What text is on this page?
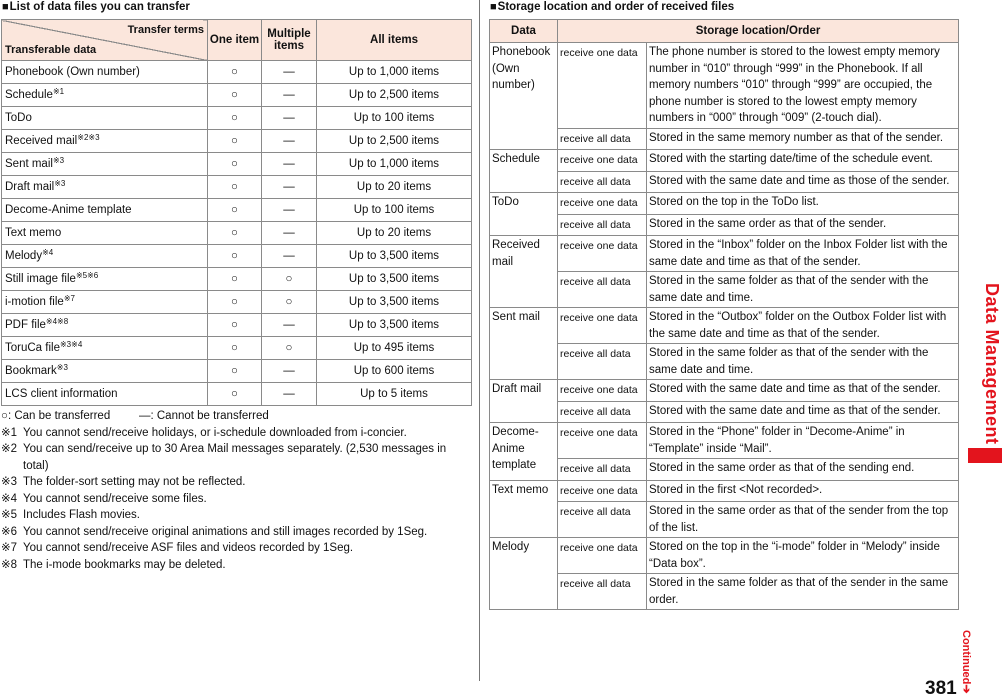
■List of data files you can transfer
Transfer terms
Transferable data	One item	Multiple items	All items
Phonebook (Own number)	○	―	Up to 1,000 items
Schedule$^{※1}$	○	―	Up to 2,500 items
ToDo	○	―	Up to 100 items
Received mail$^{※2※3}$	○	―	Up to 2,500 items
Sent mail$^{※3}$	○	―	Up to 1,000 items
Draft mail$^{※3}$	○	―	Up to 20 items
Decome-Anime template	○	―	Up to 100 items
Text memo	○	―	Up to 20 items
Melody$^{※4}$	○	―	Up to 3,500 items
Still image file$^{※5※6}$	○	○	Up to 3,500 items
i-motion file$^{※7}$	○	○	Up to 3,500 items
PDF file$^{※4※8}$	○	―	Up to 3,500 items
ToruCa file$^{※3※4}$	○	○	Up to 495 items
Bookmark$^{※3}$	○	―	Up to 600 items
LCS client information	○	―	Up to 5 items
○: Can be transferred         ―: Cannot be transferred
※1 You cannot send/receive holidays, or i-schedule downloaded from i-concier.
※2 You can send/receive up to 30 Area Mail messages separately. (2,530 messages in total)
※3 The folder-sort setting may not be reflected.
※4 You cannot send/receive some files.
※5 Includes Flash movies.
※6 You cannot send/receive original animations and still images recorded by 1Seg.
※7 You cannot send/receive ASF files and videos recorded by 1Seg.
※8 The i-mode bookmarks may be deleted.
■Storage location and order of received files
Data	Storage location/Order	
Phonebook (Own number)	receive one data	The phone number is stored to the lowest empty memory number in “010” through “999” in the Phonebook. If all memory numbers “010” through “999” are occupied, the phone number is stored to the lowest empty memory numbers in “000” through “009” (2-touch dial).
	receive all data	Stored in the same memory number as that of the sender.
Schedule	receive one data	Stored with the starting date/time of the schedule event.
	receive all data	Stored with the same date and time as those of the sender.
ToDo	receive one data	Stored on the top in the ToDo list.
	receive all data	Stored in the same order as that of the sender.
Received mail	receive one data	Stored in the “Inbox” folder on the Inbox Folder list with the same date and time as that of the sender.
	receive all data	Stored in the same folder as that of the sender with the same date and time.
Sent mail	receive one data	Stored in the “Outbox” folder on the Outbox Folder list with the same date and time as that of the sender.
	receive all data	Stored in the same folder as that of the sender with the same date and time.
Draft mail	receive one data	Stored with the same date and time as that of the sender.
	receive all data	Stored with the same date and time as that of the sender.
Decome-Anime template	receive one data	Stored in the “Phone” folder in “Decome-Anime” in “Template” inside “Mail”.
	receive all data	Stored in the same order as that of the sending end.
Text memo	receive one data	Stored in the first <Not recorded>.
	receive all data	Stored in the same order as that of the sender from the top of the list.
Melody	receive one data	Stored on the top in the “i-mode” folder in “Melody” inside “Data box”.
	receive all data	Stored in the same folder as that of the sender in the same order.
Data Management
Continued➔
381
